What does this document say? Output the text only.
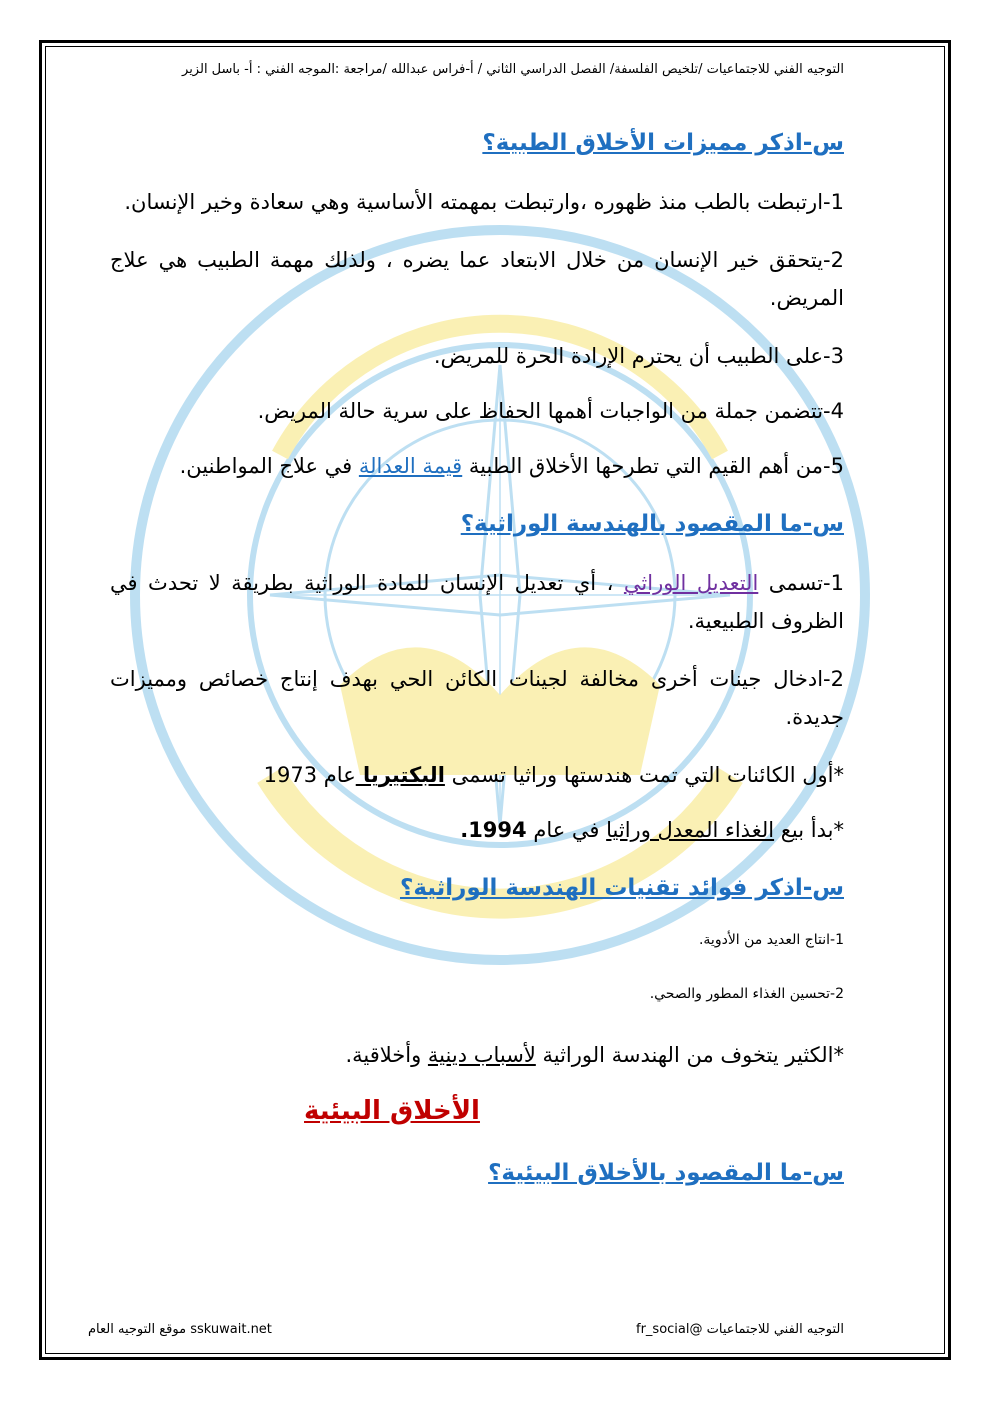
التوجيه الفني للاجتماعيات /تلخيص الفلسفة/ الفصل الدراسي الثاني / أ-فراس عبدالله /مراجعة :الموجه الفني : أ- باسل الزير
س-اذكر مميزات الأخلاق الطبية؟
1-ارتبطت بالطب منذ ظهوره ،وارتبطت بمهمته الأساسية وهي سعادة وخير الإنسان.
2-يتحقق خير الإنسان من خلال الابتعاد عما يضره ، ولذلك مهمة الطبيب هي علاج المريض.
3-على الطبيب أن يحترم الإرادة الحرة للمريض.
4-تتضمن جملة من الواجبات أهمها الحفاظ على سرية حالة المريض.
5-من أهم القيم التي تطرحها الأخلاق الطبية قيمة العدالة في علاج المواطنين.
س-ما المقصود بالهندسة الوراثية؟
1-تسمى التعديل الوراثي ، أي تعديل الإنسان للمادة الوراثية بطريقة لا تحدث في الظروف الطبيعية.
2-ادخال جينات أخرى مخالفة لجينات الكائن الحي بهدف إنتاج خصائص ومميزات جديدة.
*أول الكائنات التي تمت هندستها وراثيا تسمى البكتيريا عام 1973
*بدأ بيع الغذاء المعدل وراثيا في عام 1994.
س-اذكر فوائد تقنيات الهندسة الوراثية؟
1-انتاج العديد من الأدوية.
2-تحسين الغذاء المطور والصحي.
*الكثير يتخوف من الهندسة الوراثية لأسباب دينية وأخلاقية.
الأخلاق البيئية
س-ما المقصود بالأخلاق البيئية؟
التوجيه الفني للاجتماعيات @fr_social
sskuwait.net موقع التوجيه العام
